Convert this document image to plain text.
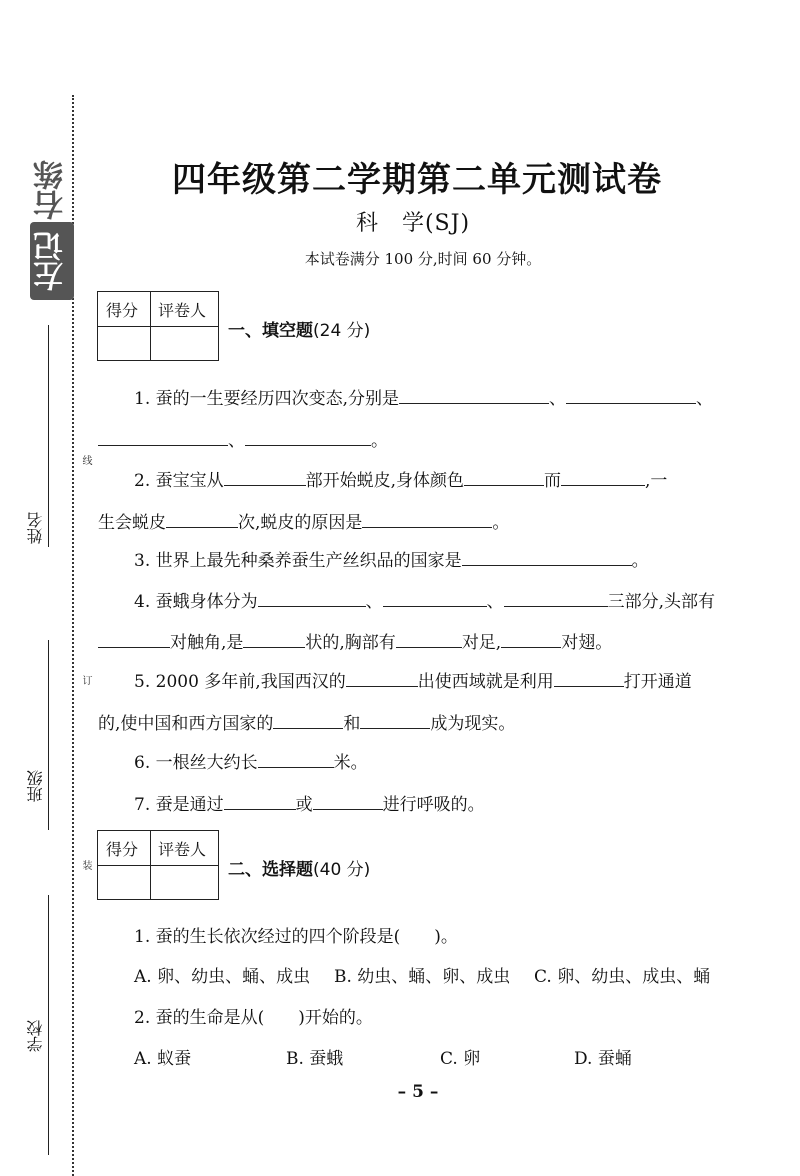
右练
左记
姓名
班级
学校
线
订
装
四年级第二学期第二单元测试卷
科　学(SJ)
本试卷满分 100 分,时间 60 分钟。
得分 评卷人
一、填空题(24 分)
1. 蚕的一生要经历四次变态,分别是	、	、
、	。
2. 蚕宝宝从	部开始蜕皮,身体颜色	而	,一
生会蜕皮	次,蜕皮的原因是	。
3. 世界上最先种桑养蚕生产丝织品的国家是	。
4. 蚕蛾身体分为	、	、	三部分,头部有
对触角,是	状的,胸部有	对足,	对翅。
5. 2000 多年前,我国西汉的	出使西域就是利用	打开通道
的,使中国和西方国家的	和	成为现实。
6. 一根丝大约长	米。
7. 蚕是通过	或	进行呼吸的。
得分 评卷人
二、选择题(40 分)
1. 蚕的生长依次经过的四个阶段是(　　)。
A. 卵、幼虫、蛹、成虫 B. 幼虫、蛹、卵、成虫 C. 卵、幼虫、成虫、蛹
2. 蚕的生命是从(　　)开始的。
A. 蚁蚕	B. 蚕蛾	C. 卵	D. 蚕蛹
– 5 –
